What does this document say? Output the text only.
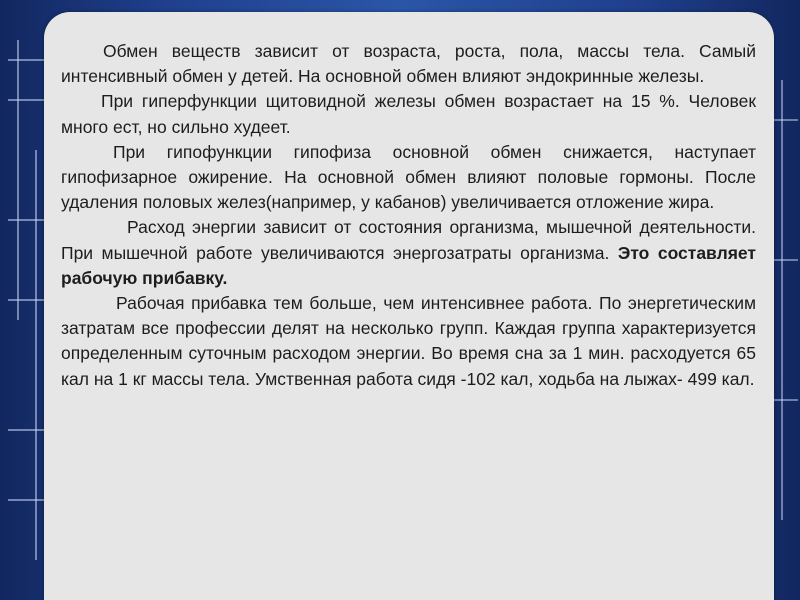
Обмен веществ зависит от возраста, роста, пола, массы тела. Самый интенсивный обмен у детей. На основной обмен влияют эндокринные железы.

При гиперфункции щитовидной железы обмен возрастает на 15 %. Человек много ест, но сильно худеет.

При гипофункции гипофиза основной обмен снижается, наступает гипофизарное ожирение. На основной обмен влияют половые гормоны. После удаления половых желез(например, у кабанов) увеличивается отложение жира.

Расход энергии зависит от состояния организма, мышечной деятельности. При мышечной работе увеличиваются энергозатраты организма. Это составляет рабочую прибавку.

Рабочая прибавка тем больше, чем интенсивнее работа. По энергетическим затратам все профессии делят на несколько групп. Каждая группа характеризуется определенным суточным расходом энергии. Во время сна за 1 мин. расходуется 65 кал на 1 кг массы тела. Умственная работа сидя -102 кал, ходьба на лыжах- 499 кал.
